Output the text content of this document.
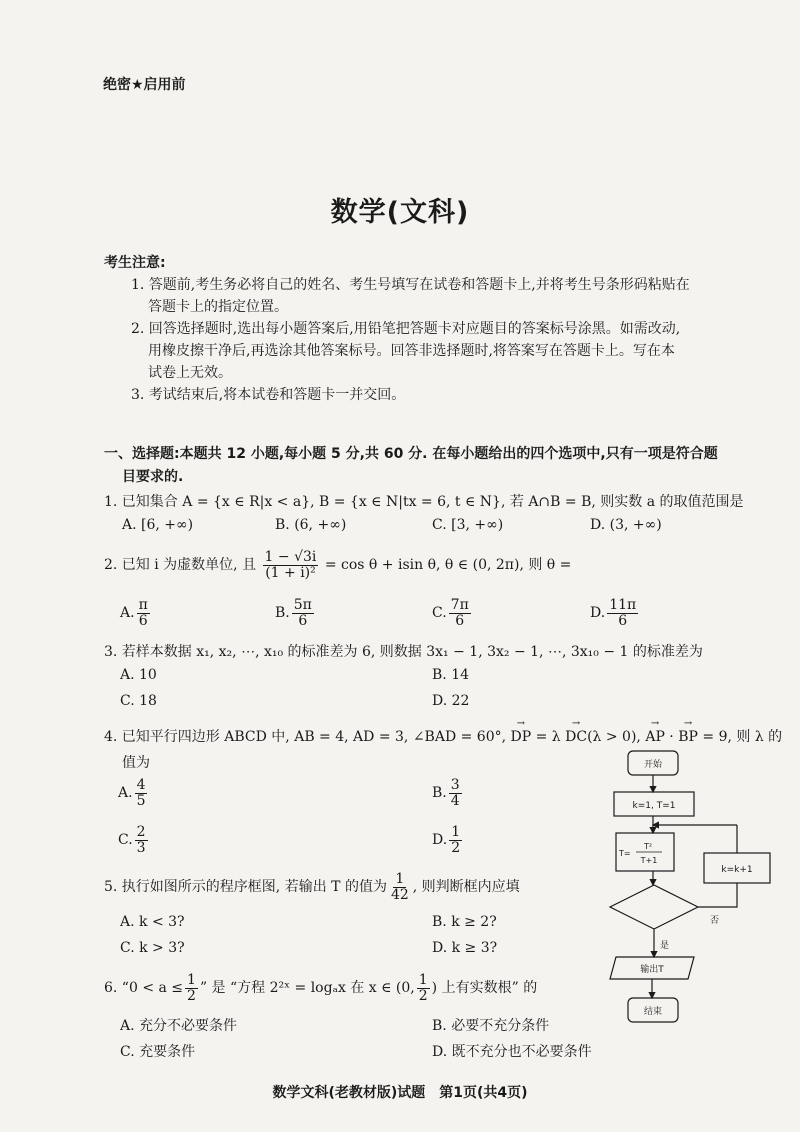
绝密★启用前
数学(文科)
考生注意:
1. 答题前,考生务必将自己的姓名、考生号填写在试卷和答题卡上,并将考生号条形码粘贴在
答题卡上的指定位置。
2. 回答选择题时,选出每小题答案后,用铅笔把答题卡对应题目的答案标号涂黑。如需改动,
用橡皮擦干净后,再选涂其他答案标号。回答非选择题时,将答案写在答题卡上。写在本
试卷上无效。
3. 考试结束后,将本试卷和答题卡一并交回。
一、选择题:本题共 12 小题,每小题 5 分,共 60 分. 在每小题给出的四个选项中,只有一项是符合题
目要求的.
1. 已知集合 A = {x ∈ R|x < a}, B = {x ∈ N|tx = 6, t ∈ N}, 若 A∩B = B, 则实数 a 的取值范围是
A. [6, +∞)	B. (6, +∞)	C. [3, +∞)	D. (3, +∞)
2. 已知 i 为虚数单位, 且 $\frac{1 - √3i}{\text{(1 + i)²}} = \cos \theta + isin$ θ, θ ∈ (0, 2π), 则 θ =
A. $\frac{\pi}{6}$	B. $\frac{5\pi}{6}$	C. $\frac{7\pi}{6}$	D. $\frac{11\pi}{6}$
3. 若样本数据 x₁, x₂, ⋯, x₁₀ 的标准差为 6, 则数据 3x₁ − 1, 3x₂ − 1, ⋯, 3x₁₀ − 1 的标准差为
A. 10	B. 14
C. 18	D. 22
4. 已知平行四边形 ABCD 中, AB = 4, AD = 3, ∠BAD = 60°, → DP = λ → DC(λ > 0), → AP · → BP = 9, 则 λ 的
值为
A. $\frac{4}{5}$	B. $\frac{3}{4}$
C. $\frac{2}{3}$	D. $\frac{1}{2}$
5. 执行如图所示的程序框图, 若输出 T 的值为 $\frac{1}{42}$ , 则判断框内应填
A. k < 3?	B. k ≥ 2?
C. k > 3?	D. k ≥ 3?
6. “$0 < a \le \frac{1}{2}$ ” 是 “方程 2²ˣ = logₐx 在 x ∈ (0, $\frac{1}{2}$ ) 上有实数根” 的
A. 充分不必要条件	B. 必要不充分条件
C. 充要条件	D. 既不充分也不必要条件
开始
k=1, T=1
T=
T²
T+1
k=k+1
否
是
输出T
结束
数学文科(老教材版)试题　第1页(共4页)
